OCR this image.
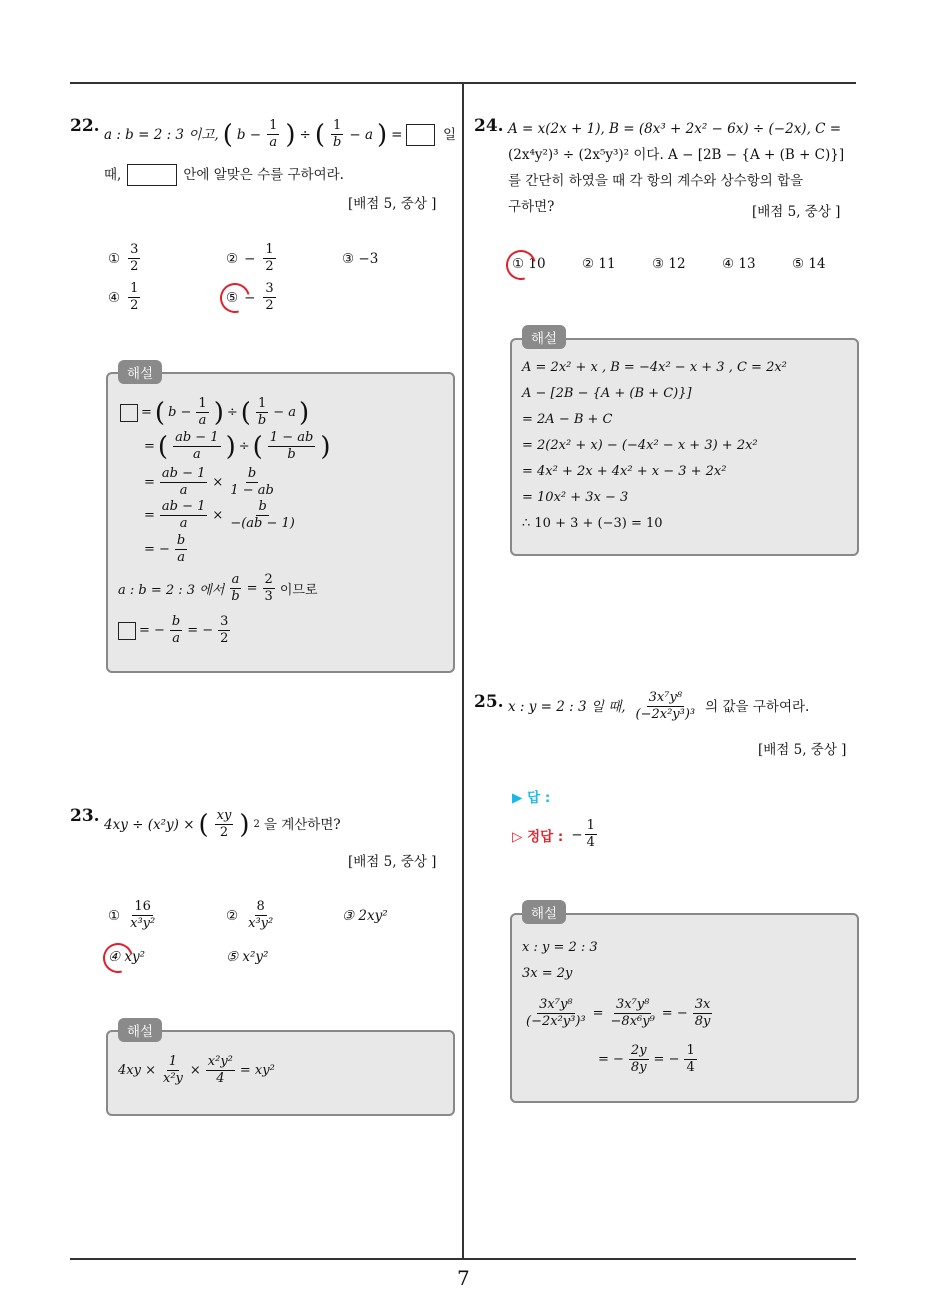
22. a : b = 2 : 3 이고, ( $b - \frac{1}{a}$ ) ÷ ( $\frac{1}{b} - a$ ) =	일
때,	안에 알맞은 수를 구하여라.
[배점 5, 중상 ]
① $\frac{3}{2}$	② − $\frac{1}{2}$	③ −3
④ $\frac{1}{2}$	⑤ − $\frac{3}{2}$
해설
= ( $b - \frac{1}{a}$ ) ÷ ( $\frac{1}{b} - a$ )
= ( $\frac{ab - 1}{a}$ ) ÷ ( $\frac{1 - ab}{b}$ )
= $\frac{ab - 1}{a} \times \frac{b}{1 - ab}$
= $\frac{ab - 1}{a} \times \frac{b}{-(ab - 1)}$
= − $\frac{b}{a}$
a : b = 2 : 3 에서 $\frac{a}{b} = \frac{2}{3}$ 이므로
= − $\frac{b}{a}$ = − $\frac{3}{2}$
23. 4xy ÷ (x²y) × ( $\frac{xy}{2}$ ) 2 을 계산하면?
[배점 5, 중상 ]
① $\frac{16}{\text{x³y²}}$	② $\frac{8}{\text{x³y²}}$	③ 2xy²
④ xy²	⑤ x²y²
해설
$4xy \times \frac{1}{\text{x²y}} \times \frac{\text{x²y²}}{4} = xy^2$
24. A = x(2x + 1), B = (8x³ + 2x² − 6x) ÷ (−2x), C =
(2x⁴y²)³ ÷ (2x⁵y³)² 이다. A − [2B − {A + (B + C)}]
를 간단히 하였을 때 각 항의 계수와 상수항의 합을
구하면?	[배점 5, 중상 ]
① 10	② 11	③ 12	④ 13	⑤ 14
해설
A = 2x² + x , B = −4x² − x + 3 , C = 2x²
A − [2B − {A + (B + C)}]
= 2A − B + C
= 2(2x² + x) − (−4x² − x + 3) + 2x²
= 4x² + 2x + 4x² + x − 3 + 2x²
= 10x² + 3x − 3
∴ 10 + 3 + (−3) = 10
25. x : y = 2 : 3 일 때, $\frac{\text{3x⁷y⁸}}{\text{(−2x²y³)³}}$ 의 값을 구하여라.
[배점 5, 중상 ]
▶ 답 :
▷ 정답 : − $\frac{1}{4}$
해설
x : y = 2 : 3
3x = 2y
$\frac{\text{3x⁷y⁸}}{\text{(−2x²y³)³}} = \frac{\text{3x⁷y⁸}}{\text{−8x⁶y⁹}}$ = − $\frac{3x}{8y}$
= − $\frac{2y}{8y}$ = − $\frac{1}{4}$
7
